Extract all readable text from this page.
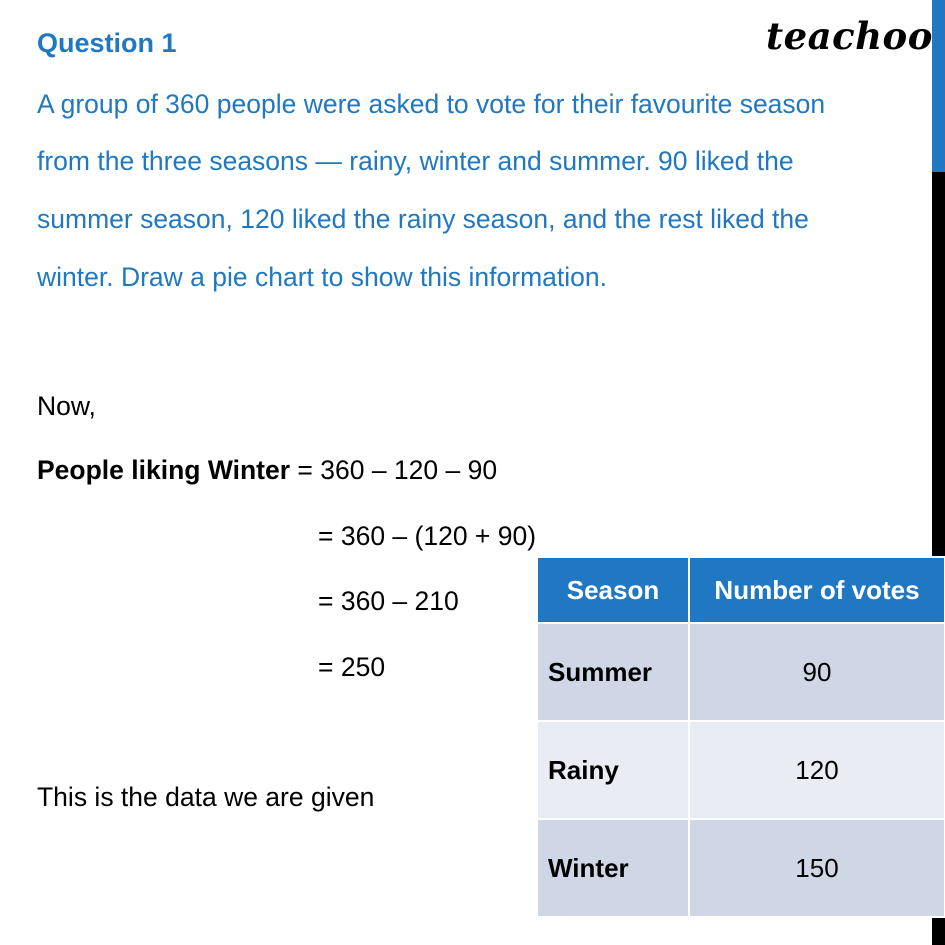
Question 1	teachoo
A group of 360 people were asked to vote for their favourite season
from the three seasons — rainy, winter and summer. 90 liked the
summer season, 120 liked the rainy season, and the rest liked the
winter. Draw a pie chart to show this information.
Now,
People liking Winter = 360 – 120 – 90
= 360 – (120 + 90)
= 360 – 210
= 250
This is the data we are given
Season	Number of votes
Summer	90
Rainy	120
Winter	150
